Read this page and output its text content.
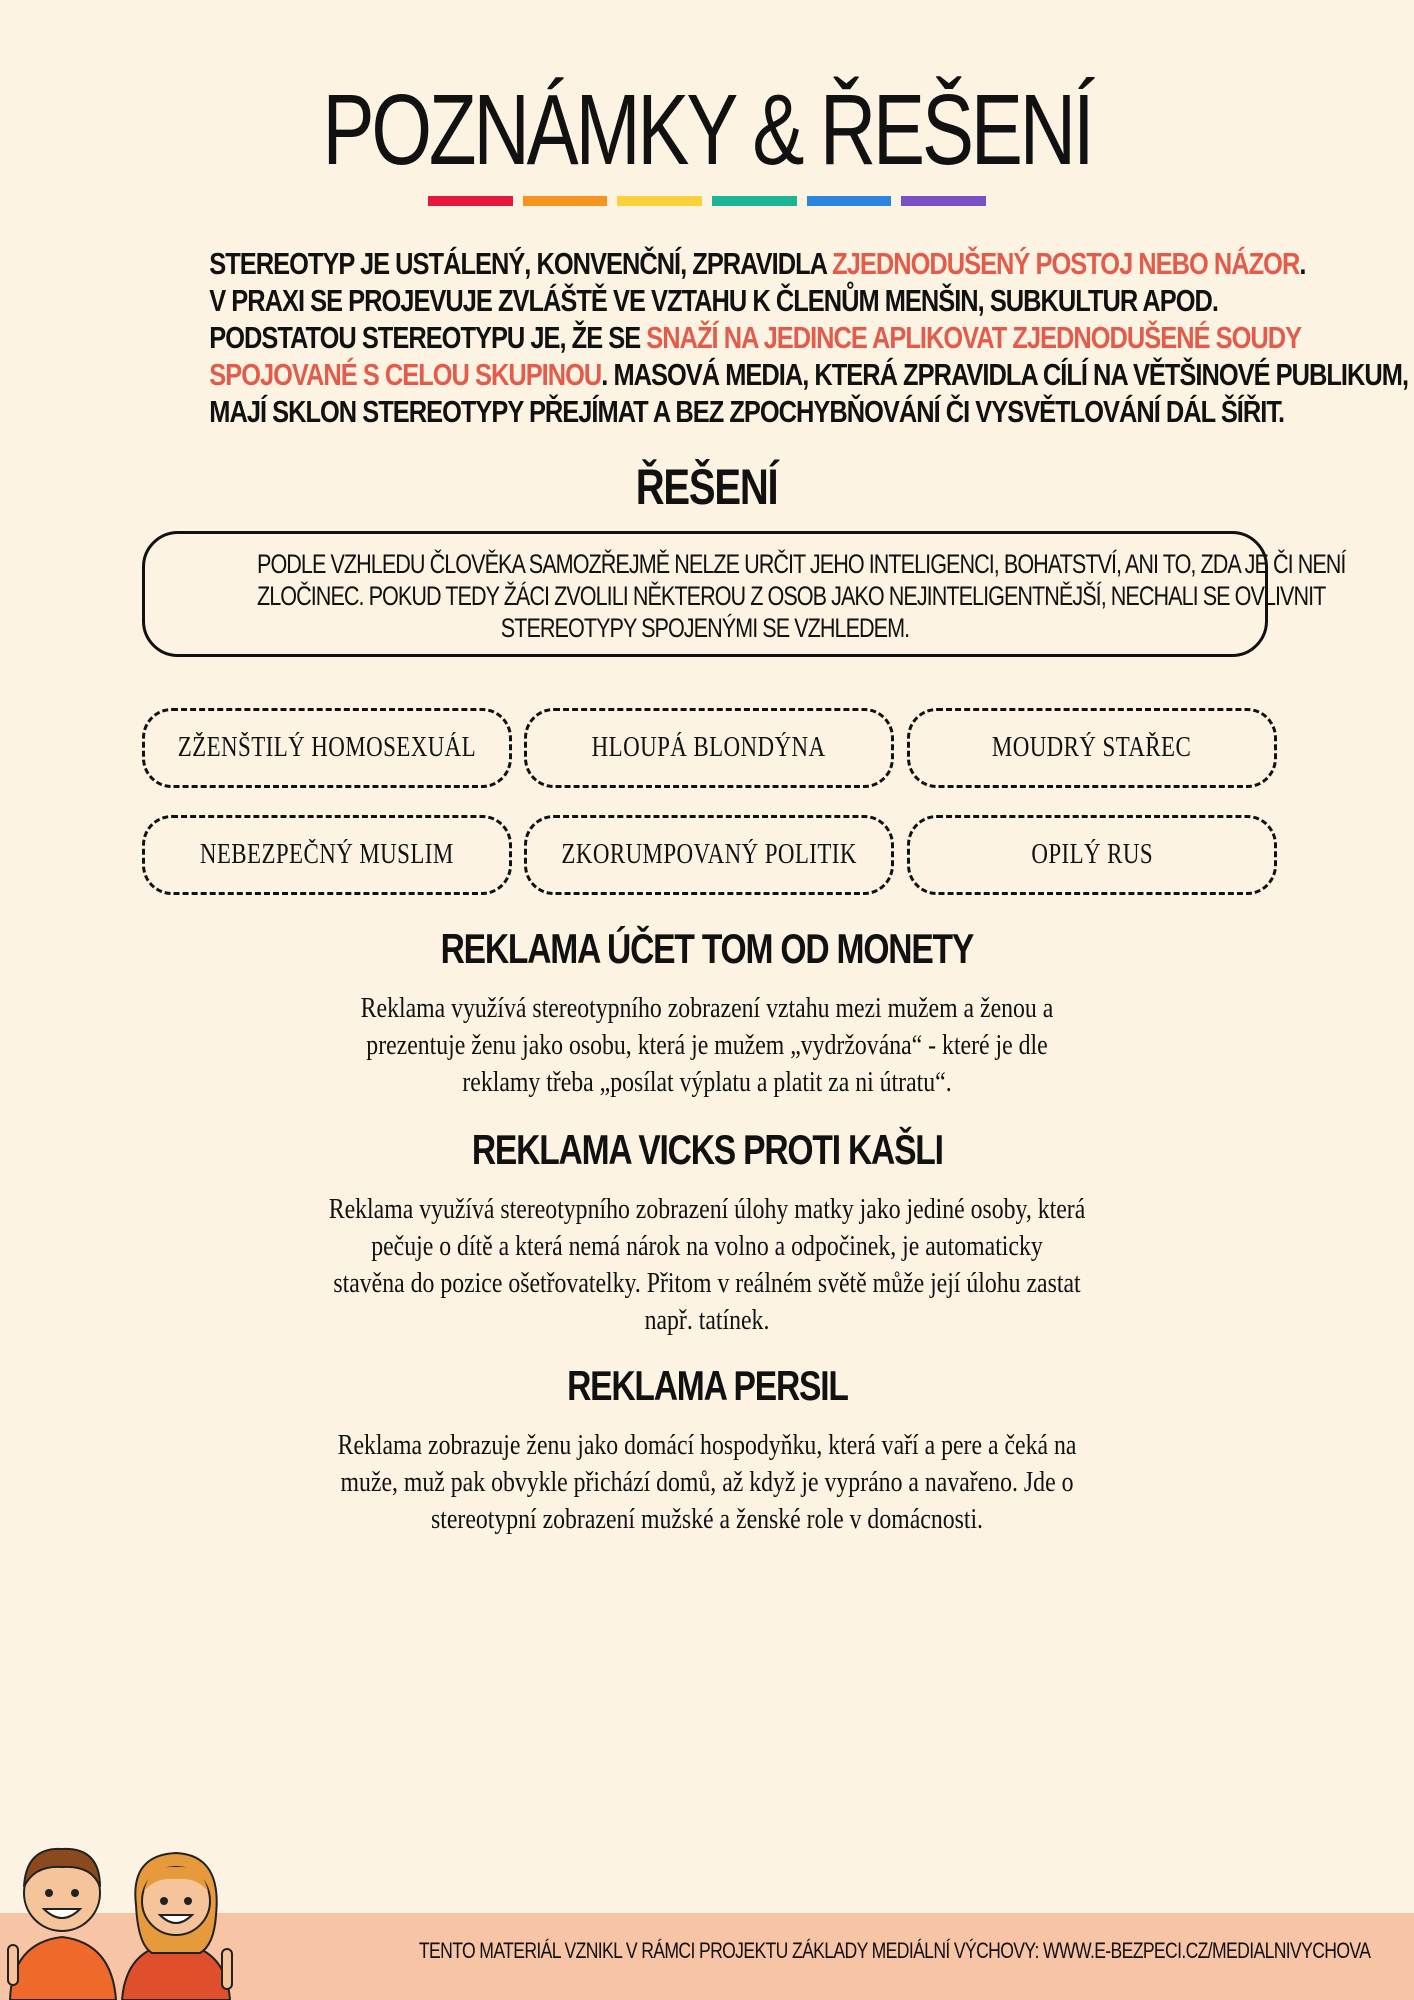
POZNÁMKY & ŘEŠENÍ
STEREOTYP JE USTÁLENÝ, KONVENČNÍ, ZPRAVIDLA ZJEDNODUŠENÝ POSTOJ NEBO NÁZOR.
V PRAXI SE PROJEVUJE ZVLÁŠTĚ VE VZTAHU K ČLENŮM MENŠIN, SUBKULTUR APOD.
PODSTATOU STEREOTYPU JE, ŽE SE SNAŽÍ NA JEDINCE APLIKOVAT ZJEDNODUŠENÉ SOUDY
SPOJOVANÉ S CELOU SKUPINOU. MASOVÁ MEDIA, KTERÁ ZPRAVIDLA CÍLÍ NA VĚTŠINOVÉ PUBLIKUM,
MAJÍ SKLON STEREOTYPY PŘEJÍMAT A BEZ ZPOCHYBŇOVÁNÍ ČI VYSVĚTLOVÁNÍ DÁL ŠÍŘIT.
ŘEŠENÍ
PODLE VZHLEDU ČLOVĚKA SAMOZŘEJMĚ NELZE URČIT JEHO INTELIGENCI, BOHATSTVÍ, ANI TO, ZDA JE ČI NENÍ
ZLOČINEC. POKUD TEDY ŽÁCI ZVOLILI NĚKTEROU Z OSOB JAKO NEJINTELIGENTNĚJŠÍ, NECHALI SE OVLIVNIT
STEREOTYPY SPOJENÝMI SE VZHLEDEM.
ZŽENŠTILÝ HOMOSEXUÁL	HLOUPÁ BLONDÝNA	MOUDRÝ STAŘEC
NEBEZPEČNÝ MUSLIM	ZKORUMPOVANÝ POLITIK	OPILÝ RUS
REKLAMA ÚČET TOM OD MONETY
Reklama využívá stereotypního zobrazení vztahu mezi mužem a ženou a
prezentuje ženu jako osobu, která je mužem „vydržována“ - které je dle
reklamy třeba „posílat výplatu a platit za ni útratu“.
REKLAMA VICKS PROTI KAŠLI
Reklama využívá stereotypního zobrazení úlohy matky jako jediné osoby, která
pečuje o dítě a která nemá nárok na volno a odpočinek, je automaticky
stavěna do pozice ošetřovatelky. Přitom v reálném světě může její úlohu zastat
např. tatínek.
REKLAMA PERSIL
Reklama zobrazuje ženu jako domácí hospodyňku, která vaří a pere a čeká na
muže, muž pak obvykle přichází domů, až když je vypráno a navařeno. Jde o
stereotypní zobrazení mužské a ženské role v domácnosti.
TENTO MATERIÁL VZNIKL V RÁMCI PROJEKTU ZÁKLADY MEDIÁLNÍ VÝCHOVY: WWW.E-BEZPECI.CZ/MEDIALNIVYCHOVA
